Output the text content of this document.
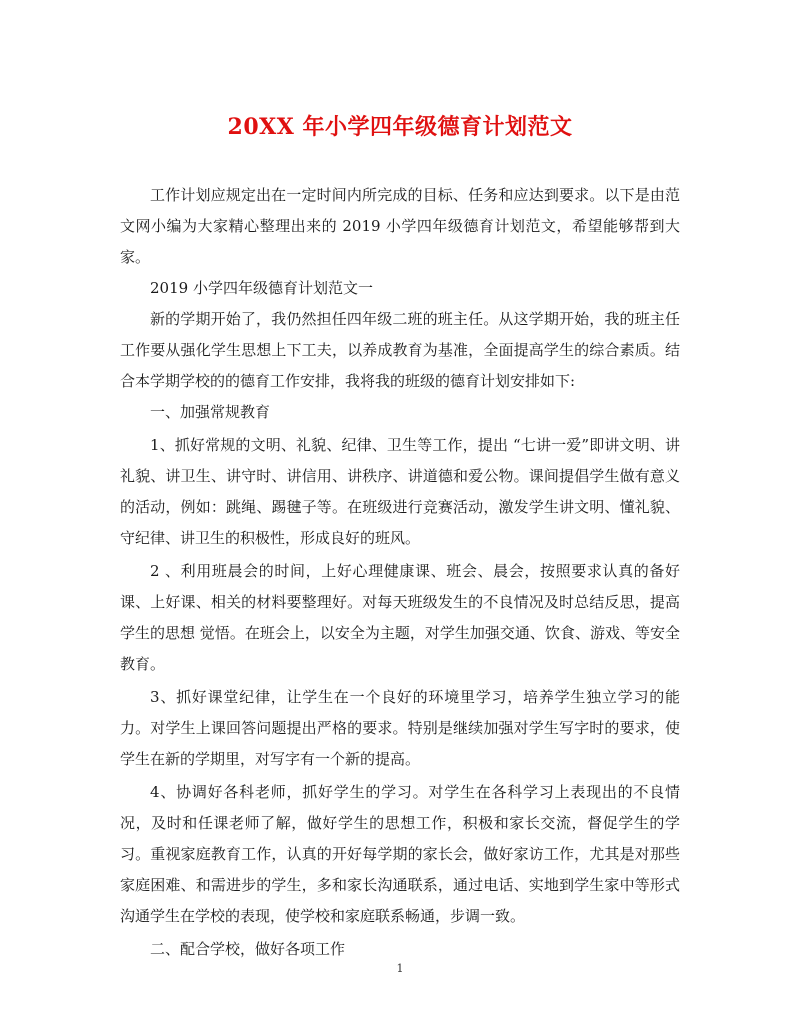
20XX 年小学四年级德育计划范文

工作计划应规定出在一定时间内所完成的目标、任务和应达到要求。以下是由范文网小编为大家精心整理出来的 2019 小学四年级德育计划范文，希望能够帮到大家。

2019 小学四年级德育计划范文一

新的学期开始了，我仍然担任四年级二班的班主任。从这学期开始，我的班主任工作要从强化学生思想上下工夫，以养成教育为基准，全面提高学生的综合素质。结合本学期学校的的德育工作安排，我将我的班级的德育计划安排如下:

一、加强常规教育

1、抓好常规的文明、礼貌、纪律、卫生等工作，提出 “七讲一爱”即讲文明、讲礼貌、讲卫生、讲守时、讲信用、讲秩序、讲道德和爱公物。课间提倡学生做有意义的活动，例如：跳绳、踢毽子等。在班级进行竞赛活动，激发学生讲文明、懂礼貌、守纪律、讲卫生的积极性，形成良好的班风。

2 、利用班晨会的时间，上好心理健康课、班会、晨会，按照要求认真的备好课、上好课、相关的材料要整理好。对每天班级发生的不良情况及时总结反思，提高学生的思想 觉悟。在班会上，以安全为主题，对学生加强交通、饮食、游戏、等安全教育。

3、抓好课堂纪律，让学生在一个良好的环境里学习，培养学生独立学习的能力。对学生上课回答问题提出严格的要求。特别是继续加强对学生写字时的要求，使学生在新的学期里，对写字有一个新的提高。

4、协调好各科老师，抓好学生的学习。对学生在各科学习上表现出的不良情况，及时和任课老师了解，做好学生的思想工作，积极和家长交流，督促学生的学习。重视家庭教育工作，认真的开好每学期的家长会，做好家访工作，尤其是对那些家庭困难、和需进步的学生，多和家长沟通联系，通过电话、实地到学生家中等形式沟通学生在学校的表现，使学校和家庭联系畅通，步调一致。

二、配合学校，做好各项工作

1
